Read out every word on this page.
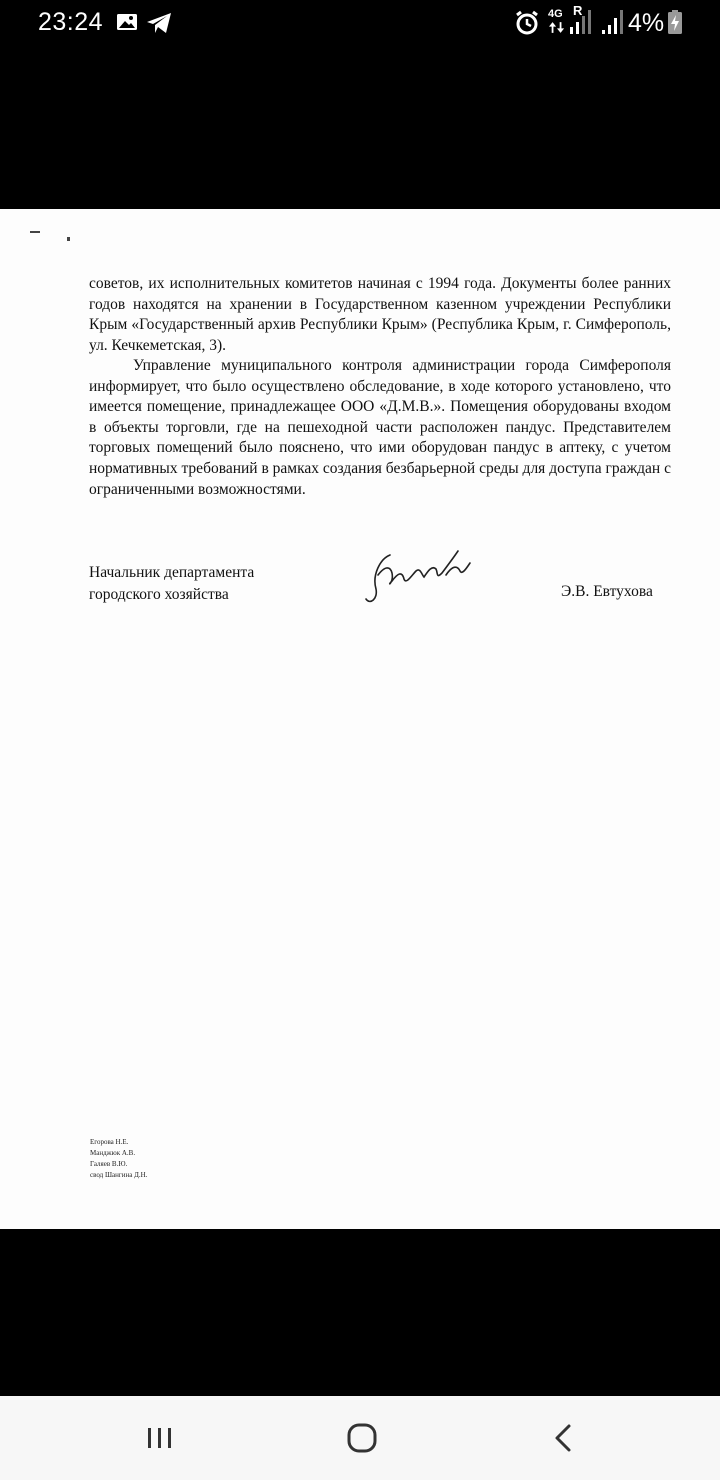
23:24	4G R 4%

советов, их исполнительных комитетов начиная с 1994 года. Документы более ранних годов находятся на хранении в Государственном казенном учреждении Республики Крым «Государственный архив Республики Крым» (Республика Крым, г. Симферополь, ул. Кечкеметская, 3).

Управление муниципального контроля администрации города Симферополя информирует, что было осуществлено обследование, в ходе которого установлено, что имеется помещение, принадлежащее ООО «Д.М.В.». Помещения оборудованы входом в объекты торговли, где на пешеходной части расположен пандус. Представителем торговых помещений было пояснено, что ими оборудован пандус в аптеку, с учетом нормативных требований в рамках создания безбарьерной среды для доступа граждан с ограниченными возможностями.

Начальник департамента
городского хозяйства	Э.В. Евтухова
Егорова Н.Е.
Манджюк А.В.
Галяев В.Ю.
свод Шангина Д.Н.
